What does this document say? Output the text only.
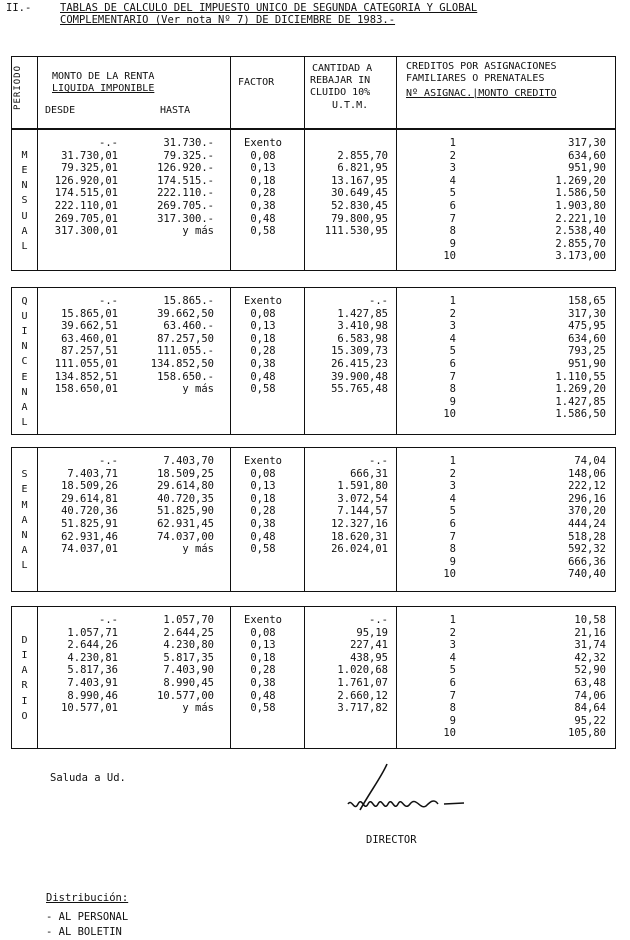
II.-	TABLAS DE CALCULO DEL IMPUESTO UNICO DE SEGUNDA CATEGORIA Y GLOBAL
COMPLEMENTARIO (Ver nota Nº 7) DE DICIEMBRE DE 1983.-
PERIODO	MONTO DE LA RENTA
LIQUIDA IMPONIBLE
DESDE	HASTA
FACTOR
CANTIDAD A
REBAJAR IN
CLUIDO 10%
U.T.M.
CREDITOS POR ASIGNACIONES
FAMILIARES O PRENATALES
Nº ASIGNAC.|MONTO CREDITO
M
E
N
S
U
A
L
-.-	31.730.-	Exento
31.730,01	79.325.-	0,08	2.855,70
79.325,01	126.920.-	0,13	6.821,95
126.920,01	174.515.-	0,18	13.167,95
174.515,01	222.110.-	0,28	30.649,45
222.110,01	269.705.-	0,38	52.830,45
269.705,01	317.300.-	0,48	79.800,95
317.300,01	y más	0,58	111.530,95
1	317,30
2	634,60
3	951,90
4	1.269,20
5	1.586,50
6	1.903,80
7	2.221,10
8	2.538,40
9	2.855,70
10	3.173,00
Q
U
I
N
C
E
N
A
L
-.-	15.865.-	Exento	-.-
15.865,01	39.662,50	0,08	1.427,85
39.662,51	63.460.-	0,13	3.410,98
63.460,01	87.257,50	0,18	6.583,98
87.257,51	111.055.-	0,28	15.309,73
111.055,01	134.852,50	0,38	26.415,23
134.852,51	158.650.-	0,48	39.900,48
158.650,01	y más	0,58	55.765,48
1	158,65
2	317,30
3	475,95
4	634,60
5	793,25
6	951,90
7	1.110,55
8	1.269,20
9	1.427,85
10	1.586,50
S
E
M
A
N
A
L
-.-	7.403,70	Exento	-.-
7.403,71	18.509,25	0,08	666,31
18.509,26	29.614,80	0,13	1.591,80
29.614,81	40.720,35	0,18	3.072,54
40.720,36	51.825,90	0,28	7.144,57
51.825,91	62.931,45	0,38	12.327,16
62.931,46	74.037,00	0,48	18.620,31
74.037,01	y más	0,58	26.024,01
1	74,04
2	148,06
3	222,12
4	296,16
5	370,20
6	444,24
7	518,28
8	592,32
9	666,36
10	740,40
D
I
A
R
I
O
-.-	1.057,70	Exento	-.-
1.057,71	2.644,25	0,08	95,19
2.644,26	4.230,80	0,13	227,41
4.230,81	5.817,35	0,18	438,95
5.817,36	7.403,90	0,28	1.020,68
7.403,91	8.990,45	0,38	1.761,07
8.990,46	10.577,00	0,48	2.660,12
10.577,01	y más	0,58	3.717,82
1	10,58
2	21,16
3	31,74
4	42,32
5	52,90
6	63,48
7	74,06
8	84,64
9	95,22
10	105,80
Saluda a Ud.
DIRECTOR
Distribución:
- AL PERSONAL
- AL BOLETIN
